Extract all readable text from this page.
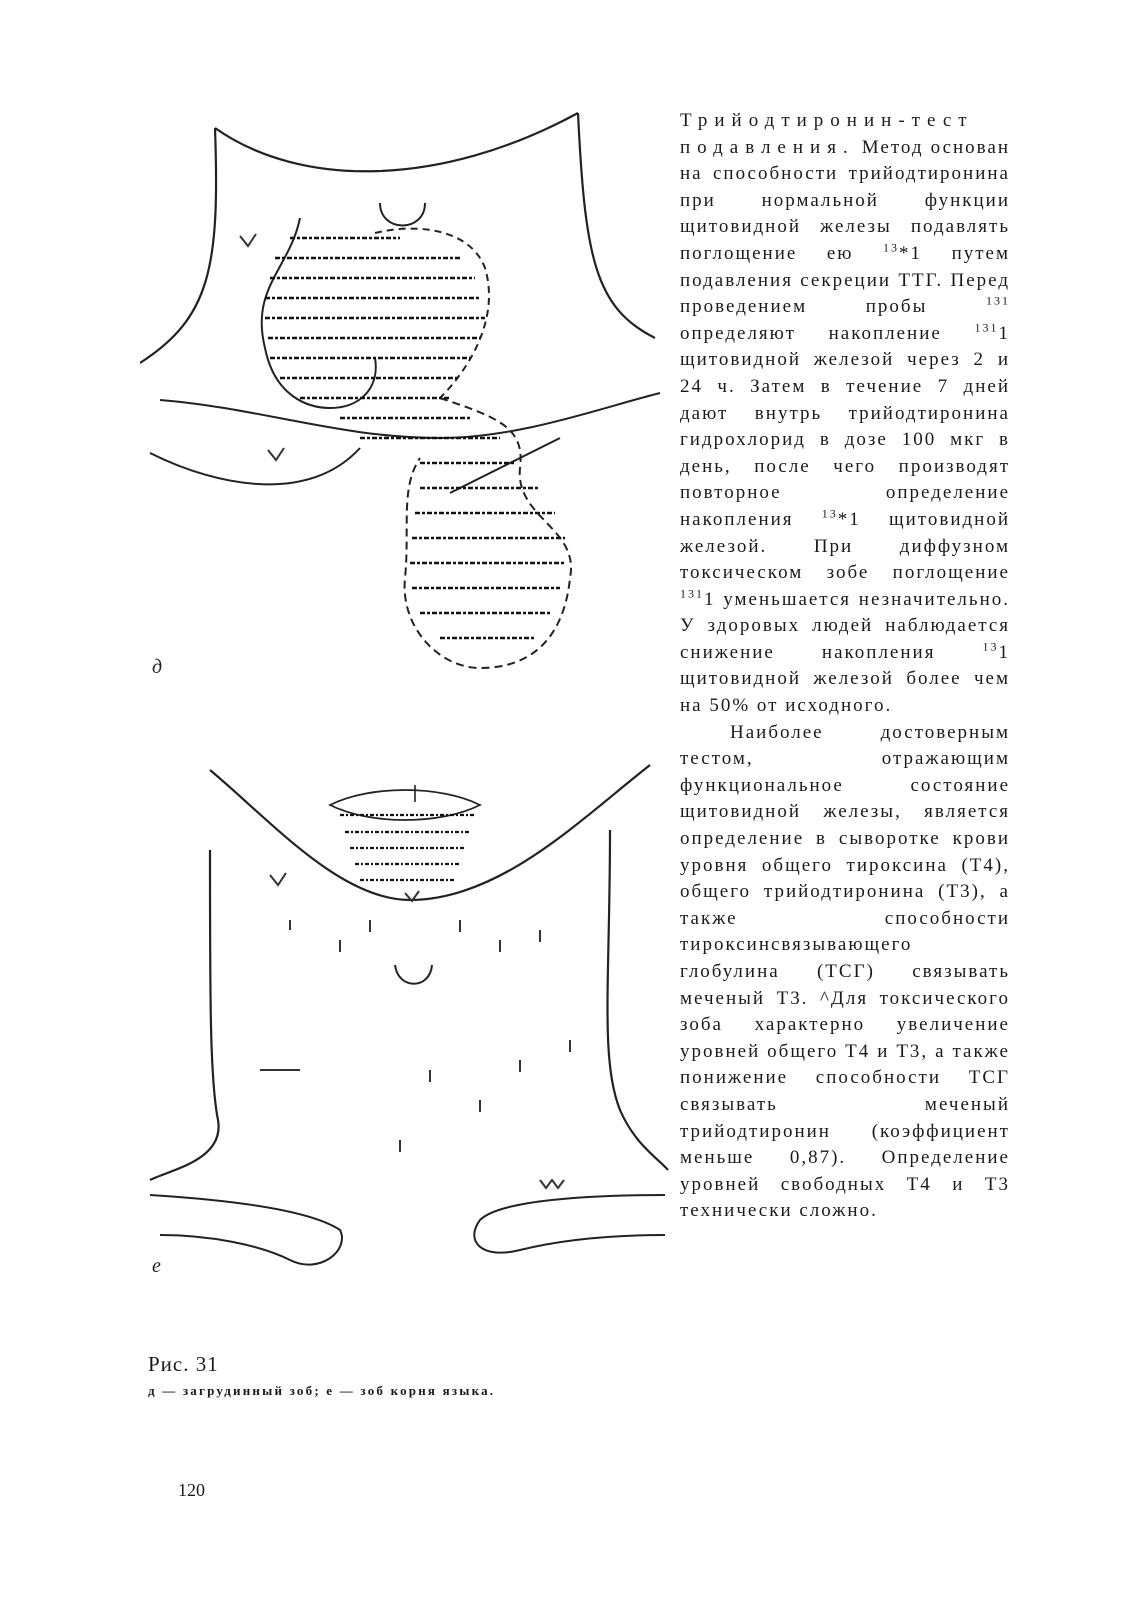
д
е
Рис. 31
д — загрудинный зоб; е — зоб корня языка.
120

Трийодтиронин-тест подавления. Метод основан на способности трийодтиронина при нормальной функции щитовидной железы подавлять поглощение ею $^{13}$*1 путем подавления секреции ТТГ. Перед проведением пробы $^{131}$ определяют накопление $^{131}$1 щитовидной железой через 2 и 24 ч. Затем в течение 7 дней дают внутрь трийодтиронина гидрохлорид в дозе 100 мкг в день, после чего производят повторное определение накопления $^{13}$*1 щитовидной железой. При диффузном токсическом зобе поглощение $^{131}$1 уменьшается незначительно. У здоровых людей наблюдается снижение накопления $^{13}$1 щитовидной железой более чем на 50% от исходного.

Наиболее достоверным тестом, отражающим функциональное состояние щитовидной железы, является определение в сыворотке крови уровня общего тироксина (Т4), общего трийодтиронина (Т3), а также способности тироксинсвязывающего глобулина (ТСГ) связывать меченый Т3. ^Для токсического зоба характерно увеличение уровней общего Т4 и Т3, а также понижение способности ТСГ связывать меченый трийодтиронин (коэффициент меньше 0,87). Определение уровней свободных Т4 и Т3 технически сложно.
